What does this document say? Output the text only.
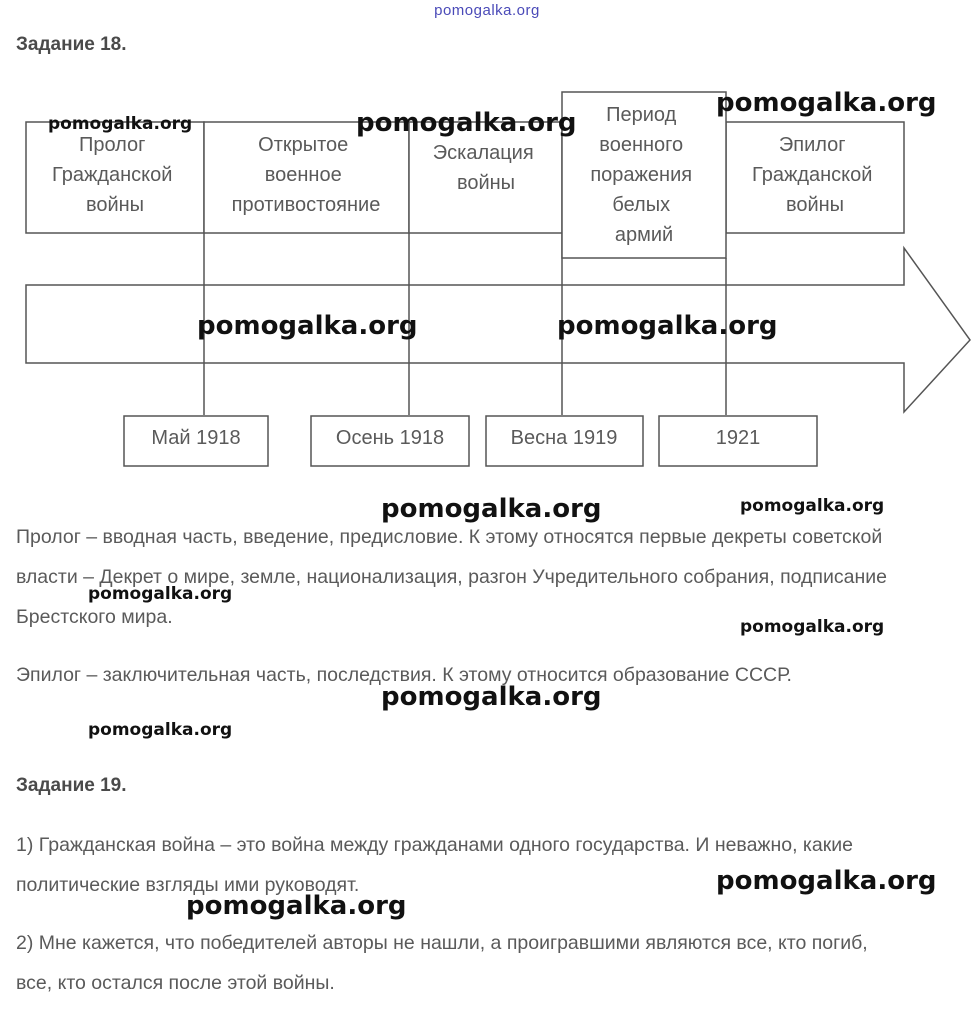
pomogalka.org
Задание 18.
Пролог Гражданской войны
Открытое военное противостояние
Эскалация войны
Период военного поражения белых армий
Эпилог Гражданской войны
Май 1918	Осень 1918	Весна 1919	1921
Пролог – вводная часть, введение, предисловие. К этому относятся первые декреты советской власти – Декрет о мире, земле, национализация, разгон Учредительного собрания, подписание Брестского мира.
Эпилог – заключительная часть, последствия. К этому относится образование СССР.
Задание 19.
1) Гражданская война – это война между гражданами одного государства. И неважно, какие политические взгляды ими руководят.
2) Мне кажется, что победителей авторы не нашли, а проигравшими являются все, кто погиб, все, кто остался после этой войны.
pomogalka.org	pomogalka.org
pomogalka.org
pomogalka.org	pomogalka.org
pomogalka.org	pomogalka.org
pomogalka.org
pomogalka.org
pomogalka.org
pomogalka.org
pomogalka.org
pomogalka.org
